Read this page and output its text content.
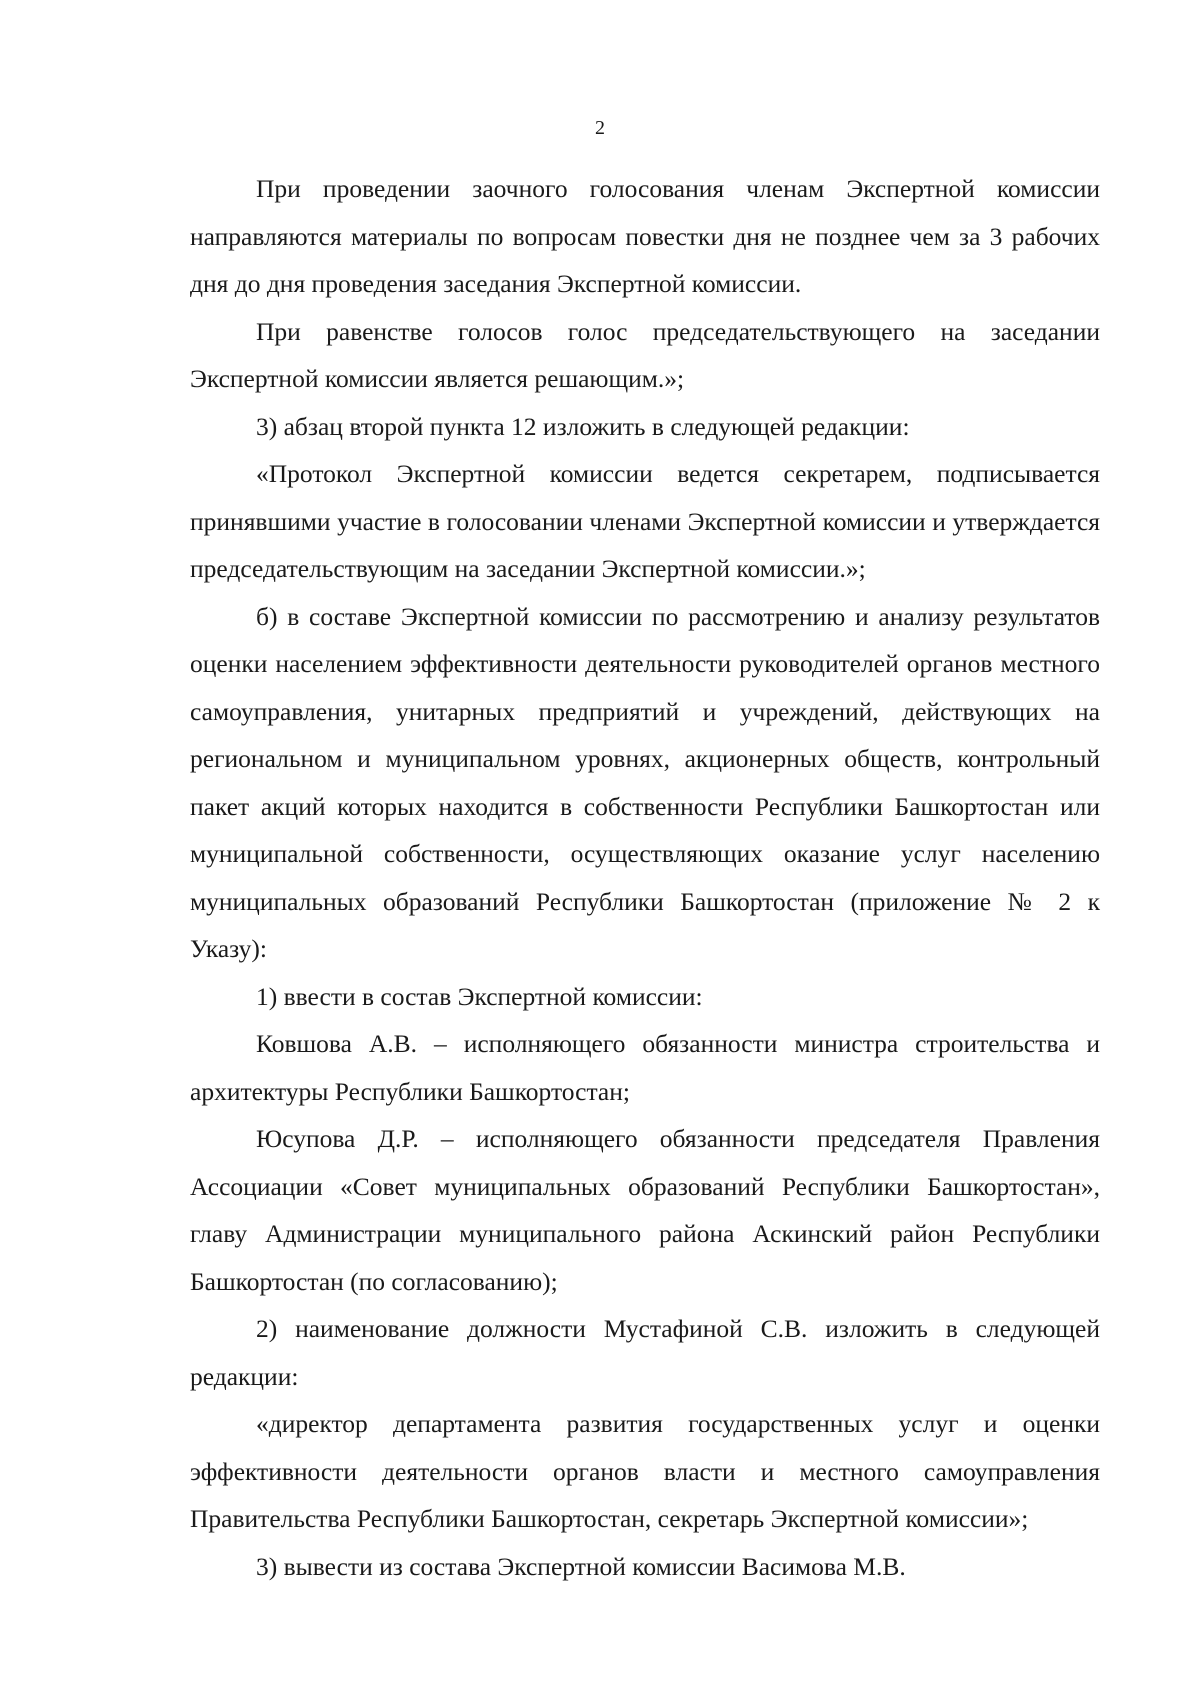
2

При проведении заочного голосования членам Экспертной комиссии направляются материалы по вопросам повестки дня не позднее чем за 3 рабочих дня до дня проведения заседания Экспертной комиссии.

При равенстве голосов голос председательствующего на заседании Экспертной комиссии является решающим.»;

3) абзац второй пункта 12 изложить в следующей редакции:

«Протокол Экспертной комиссии ведется секретарем, подписывается принявшими участие в голосовании членами Экспертной комиссии и утверждается председательствующим на заседании Экспертной комиссии.»;

б) в составе Экспертной комиссии по рассмотрению и анализу результатов оценки населением эффективности деятельности руководителей органов местного самоуправления, унитарных предприятий и учреждений, действующих на региональном и муниципальном уровнях, акционерных обществ, контрольный пакет акций которых находится в собственности Республики Башкортостан или муниципальной собственности, осуществляющих оказание услуг населению муниципальных образований Республики Башкортостан (приложение № 2 к Указу):

1) ввести в состав Экспертной комиссии:

Ковшова А.В. – исполняющего обязанности министра строительства и архитектуры Республики Башкортостан;

Юсупова Д.Р. – исполняющего обязанности председателя Правления Ассоциации «Совет муниципальных образований Республики Башкортостан», главу Администрации муниципального района Аскинский район Республики Башкортостан (по согласованию);

2) наименование должности Мустафиной С.В. изложить в следующей редакции:

«директор департамента развития государственных услуг и оценки эффективности деятельности органов власти и местного самоуправления Правительства Республики Башкортостан, секретарь Экспертной комиссии»;

3) вывести из состава Экспертной комиссии Васимова М.В.
